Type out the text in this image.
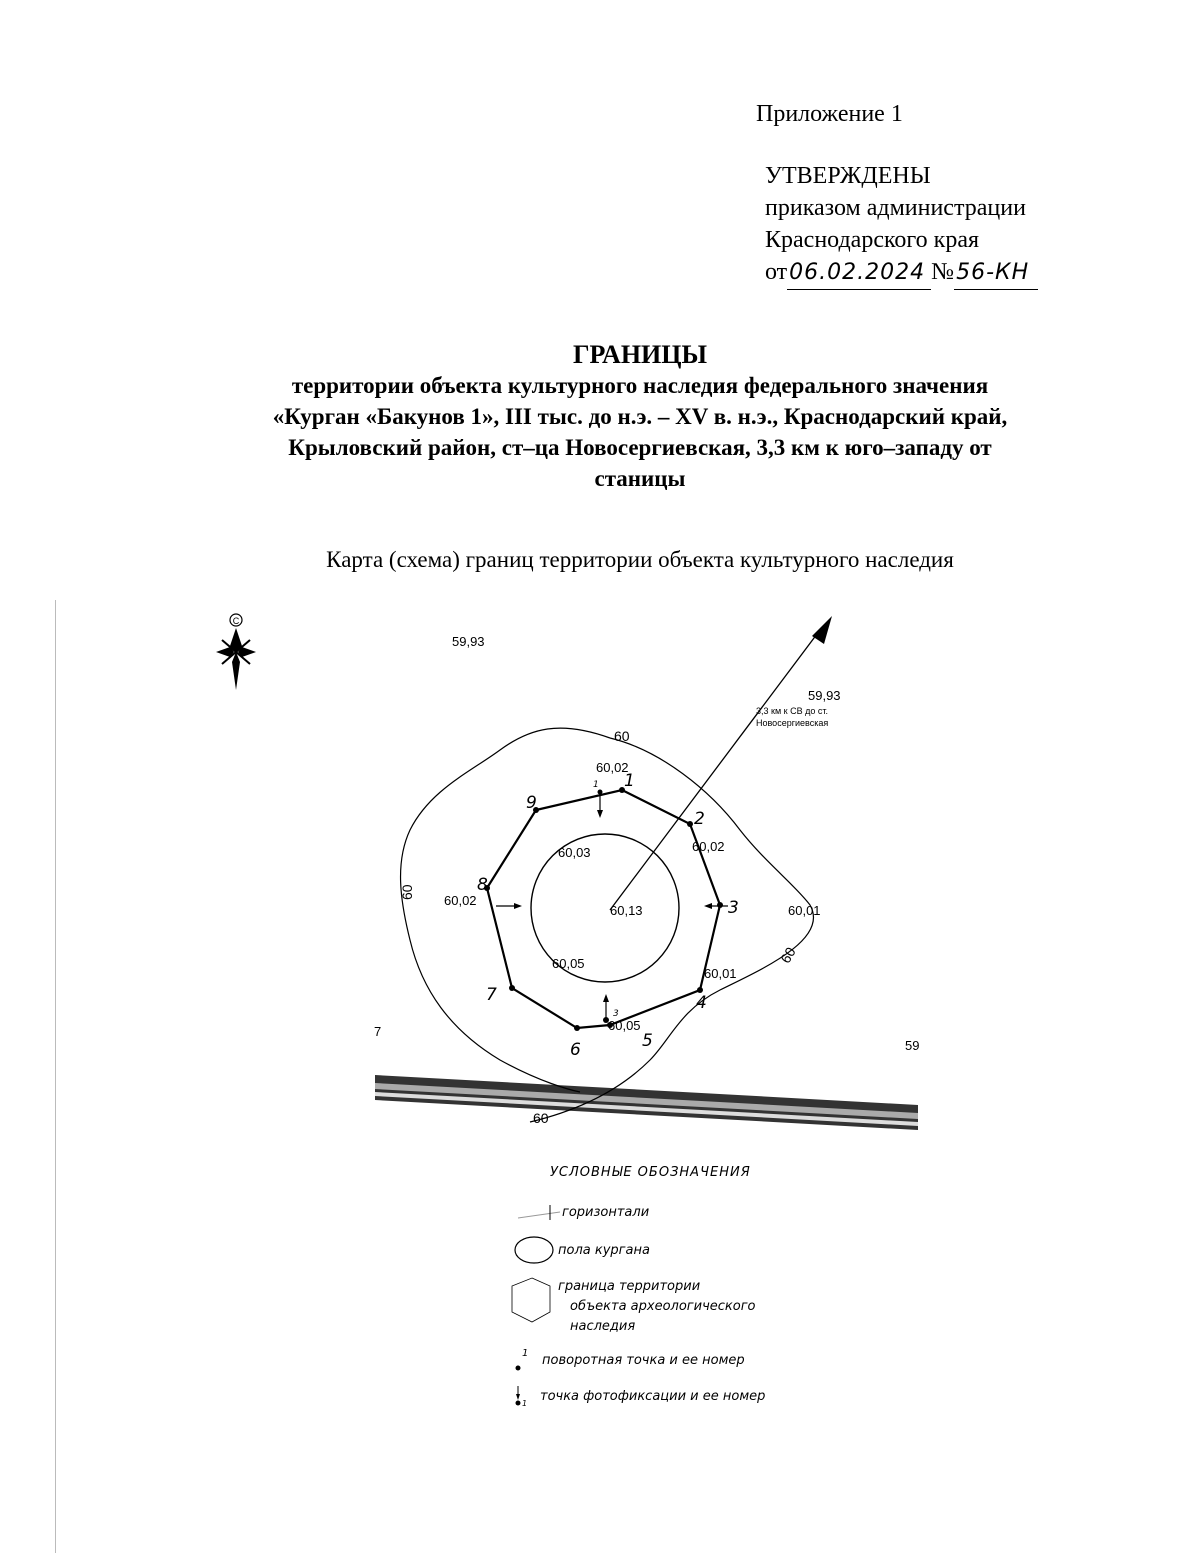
Приложение 1
УТВЕРЖДЕНЫ
приказом администрации
Краснодарского края
от06.02.2024 №56-КН
ГРАНИЦЫ
территории объекта культурного наследия федерального значения
«Курган «Бакунов 1», III тыс. до н.э. – XV в. н.э., Краснодарский край,
Крыловский район, ст–ца Новосергиевская, 3,3 км к юго–западу от
станицы
Карта (схема) границ территории объекта культурного наследия
С
60
60
60
60
1
2
3
4
5
6
7
8
9
1
3
59,93
59,93
3,3 км к СВ до ст.
Новосергиевская
60,02
60,02
60,03
60,13
60,02
60,01
60,01
60,05
60,05
7
59
УСЛОВНЫЕ ОБОЗНАЧЕНИЯ
горизонтали
пола кургана
граница территории
объекта археологического
наследия
1 поворотная точка и ее номер
1 точка фотофиксации и ее номер
